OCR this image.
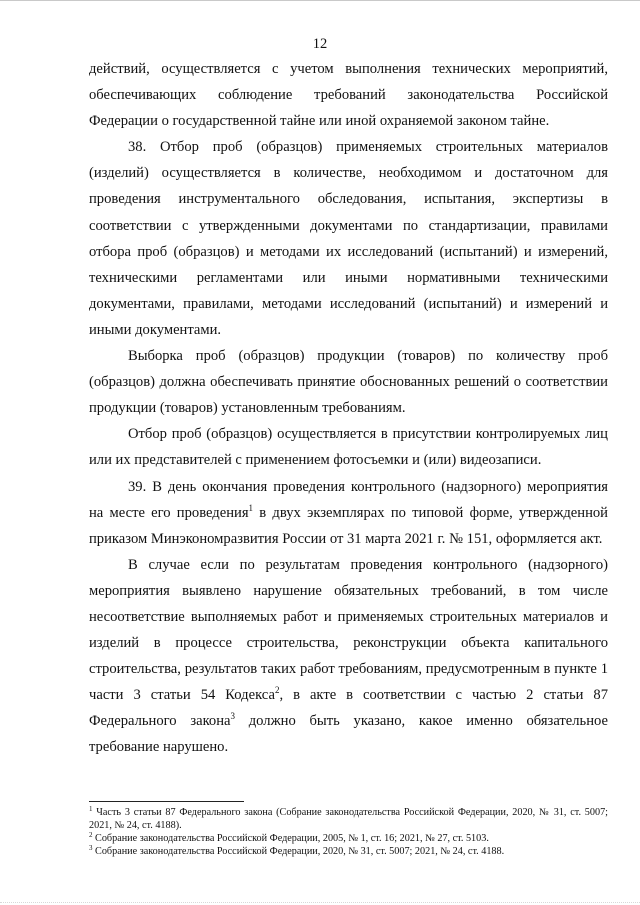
12

действий, осуществляется с учетом выполнения технических мероприятий, обеспечивающих соблюдение требований законодательства Российской Федерации о государственной тайне или иной охраняемой законом тайне.

38. Отбор проб (образцов) применяемых строительных материалов (изделий) осуществляется в количестве, необходимом и достаточном для проведения инструментального обследования, испытания, экспертизы в соответствии с утвержденными документами по стандартизации, правилами отбора проб (образцов) и методами их исследований (испытаний) и измерений, техническими регламентами или иными нормативными техническими документами, правилами, методами исследований (испытаний) и измерений и иными документами.

Выборка проб (образцов) продукции (товаров) по количеству проб (образцов) должна обеспечивать принятие обоснованных решений о соответствии продукции (товаров) установленным требованиям.

Отбор проб (образцов) осуществляется в присутствии контролируемых лиц или их представителей с применением фотосъемки и (или) видеозаписи.

39. В день окончания проведения контрольного (надзорного) мероприятия на месте его проведения$^1$ в двух экземплярах по типовой форме, утвержденной приказом Минэкономразвития России от 31 марта 2021 г. № 151, оформляется акт.

В случае если по результатам проведения контрольного (надзорного) мероприятия выявлено нарушение обязательных требований, в том числе несоответствие выполняемых работ и применяемых строительных материалов и изделий в процессе строительства, реконструкции объекта капитального строительства, результатов таких работ требованиям, предусмотренным в пункте 1 части 3 статьи 54 Кодекса$^2$, в акте в соответствии с частью 2 статьи 87 Федерального закона$^3$ должно быть указано, какое именно обязательное требование нарушено.

$^1$ Часть 3 статьи 87 Федерального закона (Собрание законодательства Российской Федерации, 2020, № 31, ст. 5007; 2021, № 24, ст. 4188).

$^2$ Собрание законодательства Российской Федерации, 2005, № 1, ст. 16; 2021, № 27, ст. 5103.

$^3$ Собрание законодательства Российской Федерации, 2020, № 31, ст. 5007; 2021, № 24, ст. 4188.
